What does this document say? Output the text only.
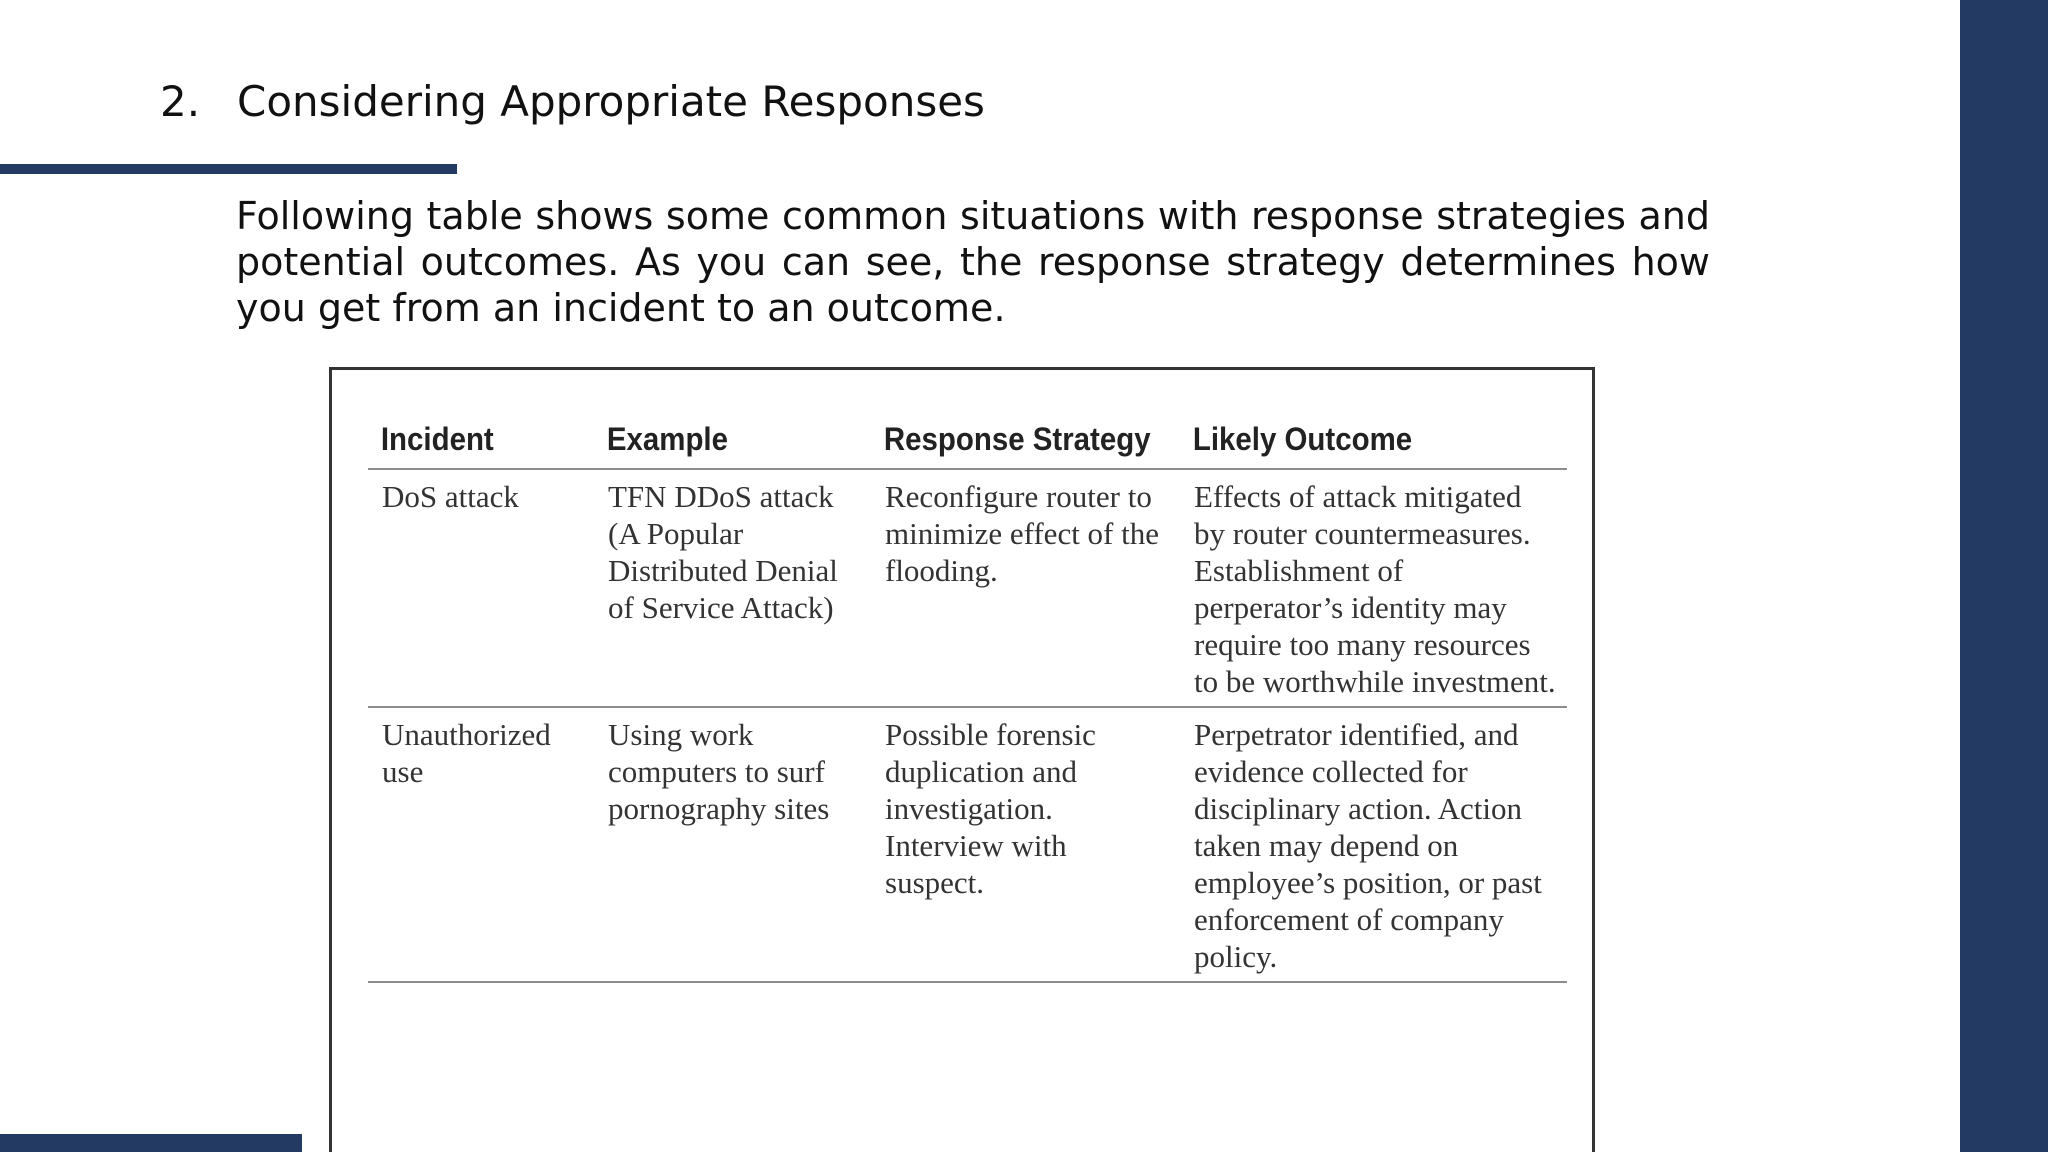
2. Considering Appropriate Responses
Following table shows some common situations with response strategies and potential outcomes. As you can see, the response strategy determines how you get from an incident to an outcome.
Incident	Example	Response Strategy	Likely Outcome
DoS attack	TFN DDoS attack (A Popular Distributed Denial of Service Attack)	Reconfigure router to minimize effect of the flooding.	Effects of attack mitigated by router countermeasures. Establishment of perperator’s identity may require too many resources to be worthwhile investment.
Unauthorized use	Using work computers to surf pornography sites	Possible forensic duplication and investigation. Interview with suspect.	Perpetrator identified, and evidence collected for disciplinary action. Action taken may depend on employee’s position, or past enforcement of company policy.
